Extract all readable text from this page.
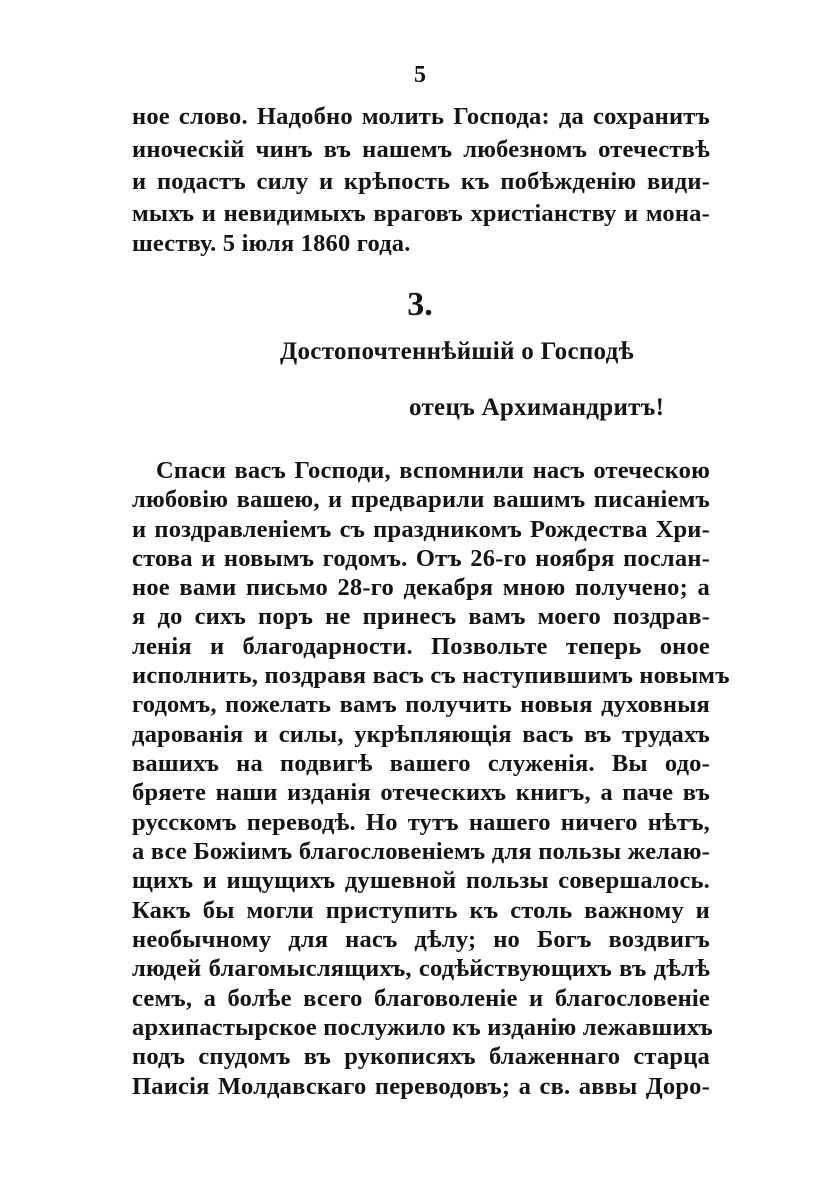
5
ное слово. Надобно молить Господа: да сохранитъ
иноческій чинъ въ нашемъ любезномъ отечествѣ
и подастъ силу и крѣпость къ побѣжденію види-
мыхъ и невидимыхъ враговъ христіанству и мона-
шеству. 5 іюля 1860 года.
3.
Достопочтеннѣйшій о Господѣ
отецъ Архимандритъ!
Спаси васъ Господи, вспомнили насъ отеческою
любовію вашею, и предварили вашимъ писаніемъ
и поздравленіемъ съ праздникомъ Рождества Хри-
стова и новымъ годомъ. Отъ 26-го ноября послан-
ное вами письмо 28-го декабря мною получено; а
я до сихъ поръ не принесъ вамъ моего поздрав-
ленія и благодарности. Позвольте теперь оное
исполнить, поздравя васъ съ наступившимъ новымъ
годомъ, пожелать вамъ получить новыя духовныя
дарованія и силы, укрѣпляющія васъ въ трудахъ
вашихъ на подвигѣ вашего служенія. Вы одо-
бряете наши изданія отеческихъ книгъ, а паче въ
русскомъ переводѣ. Но тутъ нашего ничего нѣтъ,
а все Божіимъ благословеніемъ для пользы желаю-
щихъ и ищущихъ душевной пользы совершалось.
Какъ бы могли приступить къ столь важному и
необычному для насъ дѣлу; но Богъ воздвигъ
людей благомыслящихъ, содѣйствующихъ въ дѣлѣ
семъ, а болѣе всего благоволеніе и благословеніе
архипастырское послужило къ изданію лежавшихъ
подъ спудомъ въ рукописяхъ блаженнаго старца
Паисія Молдавскаго переводовъ; а св. аввы Доро-
